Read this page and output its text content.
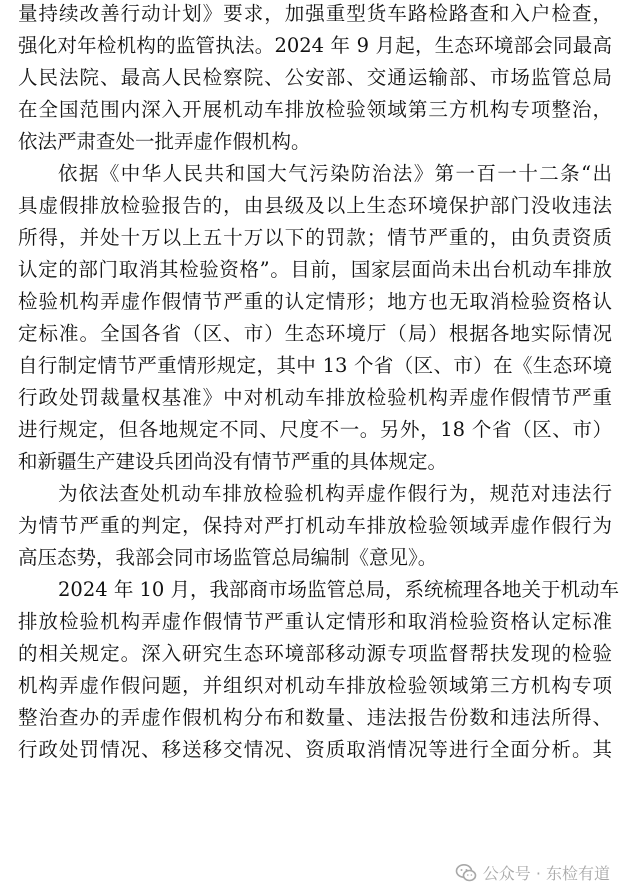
量持续改善行动计划》要求，加强重型货车路检路查和入户检查，
强化对年检机构的监管执法。2024 年 9 月起，生态环境部会同最高
人民法院、最高人民检察院、公安部、交通运输部、市场监管总局
在全国范围内深入开展机动车排放检验领域第三方机构专项整治，
依法严肃查处一批弄虚作假机构。
依据《中华人民共和国大气污染防治法》第一百一十二条“出
具虚假排放检验报告的，由县级及以上生态环境保护部门没收违法
所得，并处十万以上五十万以下的罚款；情节严重的，由负责资质
认定的部门取消其检验资格”。目前，国家层面尚未出台机动车排放
检验机构弄虚作假情节严重的认定情形；地方也无取消检验资格认
定标准。全国各省（区、市）生态环境厅（局）根据各地实际情况
自行制定情节严重情形规定，其中 13 个省（区、市）在《生态环境
行政处罚裁量权基准》中对机动车排放检验机构弄虚作假情节严重
进行规定，但各地规定不同、尺度不一。另外，18 个省（区、市）
和新疆生产建设兵团尚没有情节严重的具体规定。
为依法查处机动车排放检验机构弄虚作假行为，规范对违法行
为情节严重的判定，保持对严打机动车排放检验领域弄虚作假行为
高压态势，我部会同市场监管总局编制《意见》。
2024 年 10 月，我部商市场监管总局，系统梳理各地关于机动车
排放检验机构弄虚作假情节严重认定情形和取消检验资格认定标准
的相关规定。深入研究生态环境部移动源专项监督帮扶发现的检验
机构弄虚作假问题，并组织对机动车排放检验领域第三方机构专项
整治查办的弄虚作假机构分布和数量、违法报告份数和违法所得、
行政处罚情况、移送移交情况、资质取消情况等进行全面分析。其
公众号 · 东检有道
